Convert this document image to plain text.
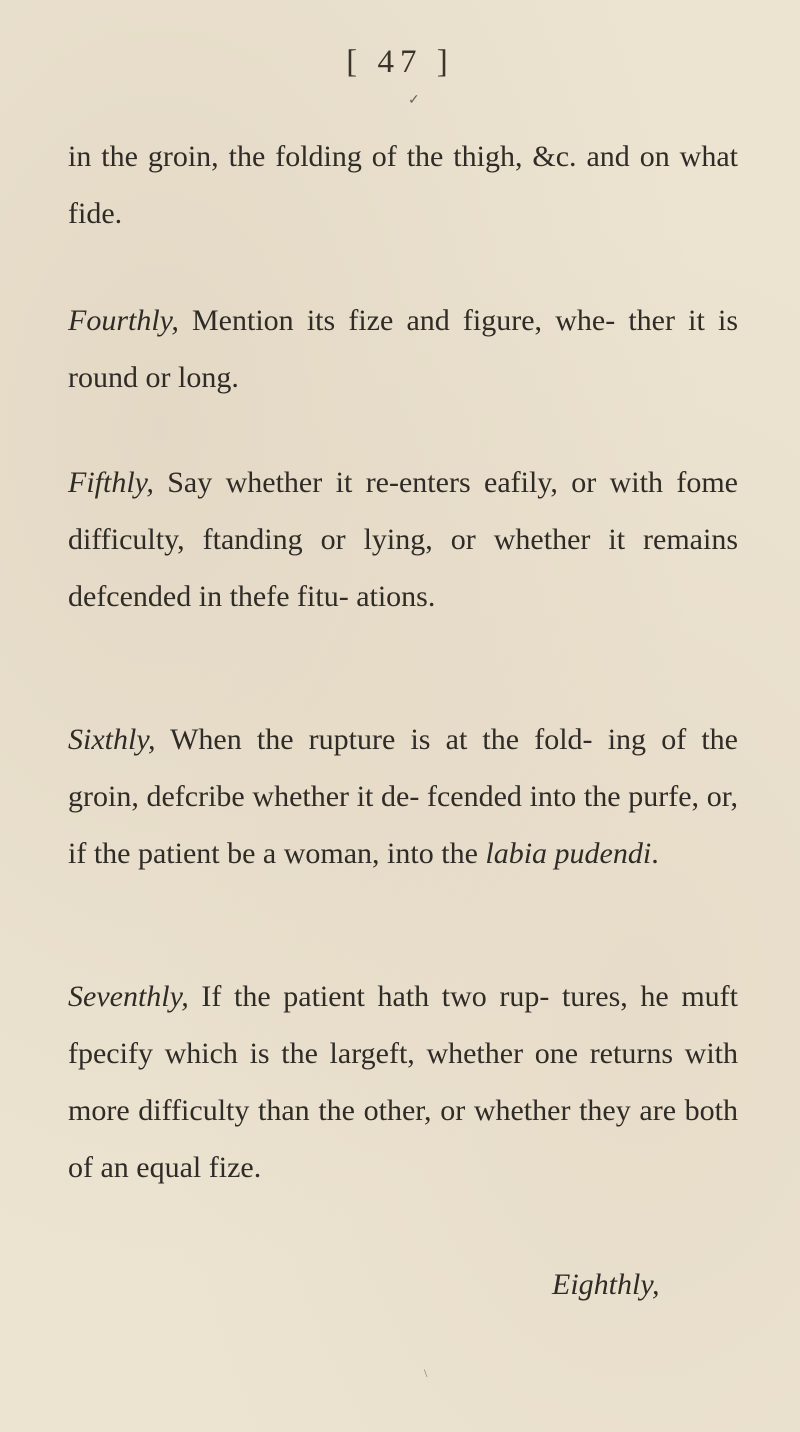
[ 47 ]
✓

in the groin, the folding of the thigh, &c. and on what fide.

Fourthly, Mention its fize and figure, whe- ther it is round or long.

Fifthly, Say whether it re-enters eafily, or with fome difficulty, ftanding or lying, or whether it remains defcended in thefe fitu- ations.

Sixthly, When the rupture is at the fold- ing of the groin, defcribe whether it de- fcended into the purfe, or, if the patient be a woman, into the labia pudendi.

Seventhly, If the patient hath two rup- tures, he muft fpecify which is the largeft, whether one returns with more difficulty than the other, or whether they are both of an equal fize.

Eighthly,
\
